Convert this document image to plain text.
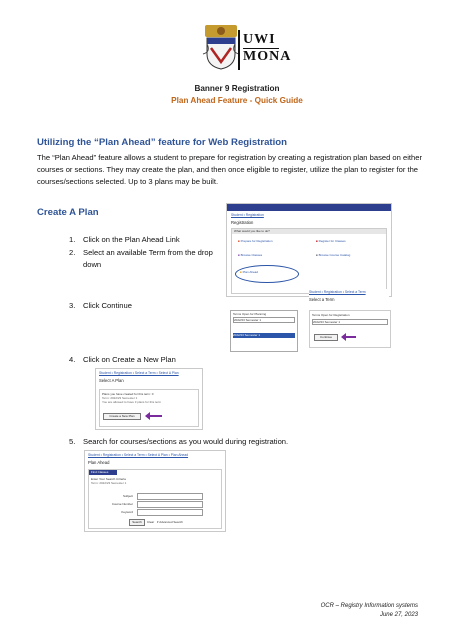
UWI
MONA
Banner 9 Registration
Plan Ahead Feature - Quick Guide
Utilizing the “Plan Ahead” feature for Web Registration
The “Plan Ahead” feature allows a student to prepare for registration by creating a registration plan based on either courses or sections. They may create the plan, and then once eligible to register, utilize the plan to register for the courses/sections selected. Up to 3 plans may be built.
Create A Plan
1. Click on the Plan Ahead Link
2.	Select an available Term from the drop down
3. Click Continue
4. Click on Create a New Plan
5. Search for courses/sections as you would during registration.
Student • Registration
Registration
What would you like to do?
■ Prepare for Registration	■ Register for Classes
■ Browse Classes	■ Browse Course Catalog
■ Plan Ahead
Student • Registration • Select a Term
Select a Term
Terms Open for Planning
2022/23 Semester 1
2022/23 Semester 1
Terms Open for Registration
2022/23 Semester 1
Continue
Student • Registration • Select a Term • Select A Plan
Select A Plan
Plans you have created for this term: 0
Term: 2022/23 Semester 1
You are allowed to have 3 plans for this term
Create a New Plan
Student • Registration • Select a Term • Select A Plan • Plan Ahead
Plan Ahead
Find Classes
Enter Your Search Criteria
Term: 2022/23 Semester 1
Subject
Course Number
Keyword
Search	Clear ▾ Advanced Search
OCR – Registry Information systems
June 27, 2023
